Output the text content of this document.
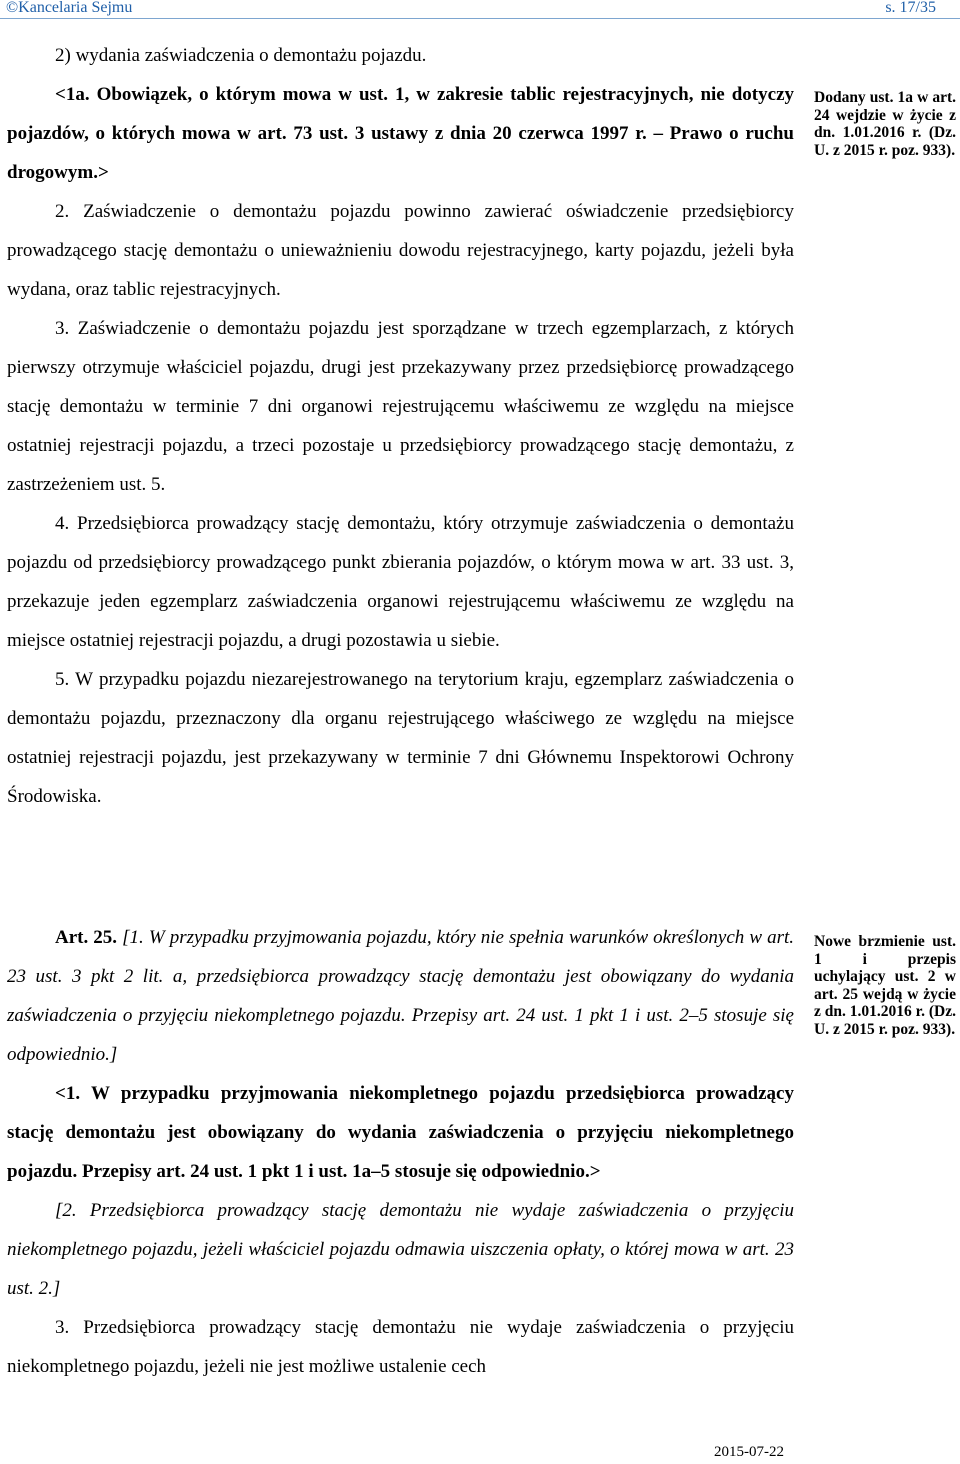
©Kancelaria Sejmu	s. 17/35

2) wydania zaświadczenia o demontażu pojazdu.

<1a. Obowiązek, o którym mowa w ust. 1, w zakresie tablic rejestracyjnych, nie dotyczy pojazdów, o których mowa w art. 73 ust. 3 ustawy z dnia 20 czerwca 1997 r. – Prawo o ruchu drogowym.>

2. Zaświadczenie o demontażu pojazdu powinno zawierać oświadczenie przedsiębiorcy prowadzącego stację demontażu o unieważnieniu dowodu rejestracyjnego, karty pojazdu, jeżeli była wydana, oraz tablic rejestracyjnych.

3. Zaświadczenie o demontażu pojazdu jest sporządzane w trzech egzemplarzach, z których pierwszy otrzymuje właściciel pojazdu, drugi jest przekazywany przez przedsiębiorcę prowadzącego stację demontażu w terminie 7 dni organowi rejestrującemu właściwemu ze względu na miejsce ostatniej rejestracji pojazdu, a trzeci pozostaje u przedsiębiorcy prowadzącego stację demontażu, z zastrzeżeniem ust. 5.

4. Przedsiębiorca prowadzący stację demontażu, który otrzymuje zaświadczenia o demontażu pojazdu od przedsiębiorcy prowadzącego punkt zbierania pojazdów, o którym mowa w art. 33 ust. 3, przekazuje jeden egzemplarz zaświadczenia organowi rejestrującemu właściwemu ze względu na miejsce ostatniej rejestracji pojazdu, a drugi pozostawia u siebie.

5. W przypadku pojazdu niezarejestrowanego na terytorium kraju, egzemplarz zaświadczenia o demontażu pojazdu, przeznaczony dla organu rejestrującego właściwego ze względu na miejsce ostatniej rejestracji pojazdu, jest przekazywany w terminie 7 dni Głównemu Inspektorowi Ochrony Środowiska.

Art. 25. [1. W przypadku przyjmowania pojazdu, który nie spełnia warunków określonych w art. 23 ust. 3 pkt 2 lit. a, przedsiębiorca prowadzący stację demontażu jest obowiązany do wydania zaświadczenia o przyjęciu niekompletnego pojazdu. Przepisy art. 24 ust. 1 pkt 1 i ust. 2–5 stosuje się odpowiednio.]

<1. W przypadku przyjmowania niekompletnego pojazdu przedsiębiorca prowadzący stację demontażu jest obowiązany do wydania zaświadczenia o przyjęciu niekompletnego pojazdu. Przepisy art. 24 ust. 1 pkt 1 i ust. 1a–5 stosuje się odpowiednio.>

[2. Przedsiębiorca prowadzący stację demontażu nie wydaje zaświadczenia o przyjęciu niekompletnego pojazdu, jeżeli właściciel pojazdu odmawia uiszczenia opłaty, o której mowa w art. 23 ust. 2.]

3. Przedsiębiorca prowadzący stację demontażu nie wydaje zaświadczenia o przyjęciu niekompletnego pojazdu, jeżeli nie jest możliwe ustalenie cech

Dodany ust. 1a w art. 24 wejdzie w życie z dn. 1.01.2016 r. (Dz. U. z 2015 r. poz. 933).

Nowe brzmienie ust. 1 i przepis uchylający ust. 2 w art. 25 wejdą w życie z dn. 1.01.2016 r. (Dz. U. z 2015 r. poz. 933).

2015-07-22
